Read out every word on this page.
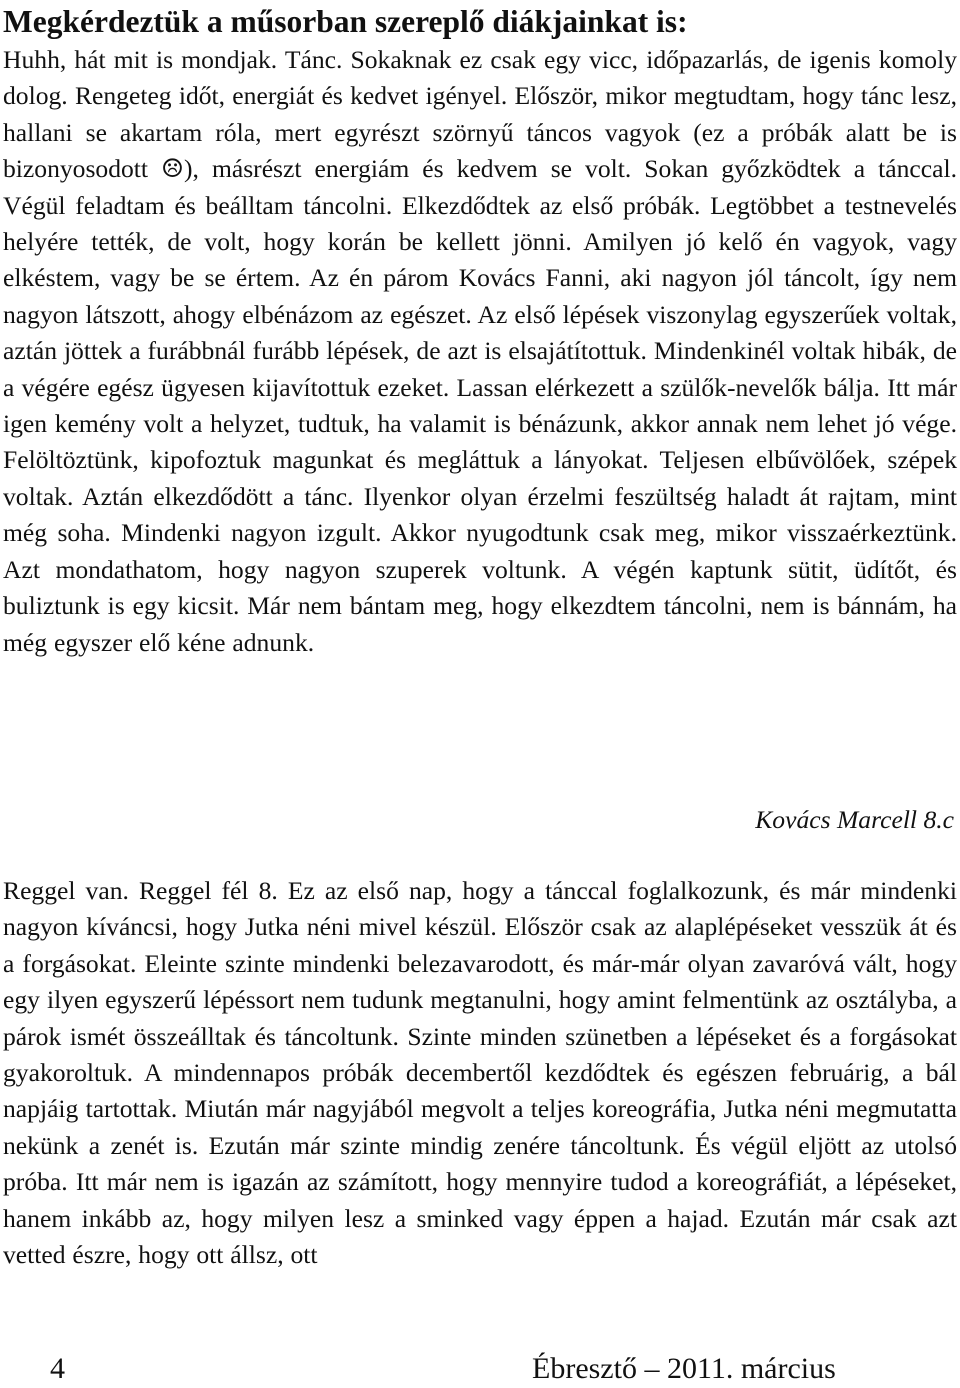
Megkérdeztük a műsorban szereplő diákjainkat is:

Huhh, hát mit is mondjak. Tánc. Sokaknak ez csak egy vicc, időpazarlás, de igenis komoly dolog. Rengeteg időt, energiát és kedvet igényel. Először, mikor megtudtam, hogy tánc lesz, hallani se akartam róla, mert egyrészt szörnyű táncos vagyok (ez a próbák alatt be is bizonyosodott ☹), másrészt energiám és kedvem se volt. Sokan győzködtek a tánccal. Végül feladtam és beálltam táncolni. Elkezdődtek az első próbák. Legtöbbet a testnevelés helyére tették, de volt, hogy korán be kellett jönni. Amilyen jó kelő én vagyok, vagy elkéstem, vagy be se értem. Az én párom Kovács Fanni, aki nagyon jól táncolt, így nem nagyon látszott, ahogy elbénázom az egészet. Az első lépések viszonylag egyszerűek voltak, aztán jöttek a furábbnál furább lépések, de azt is elsajátítottuk. Mindenkinél voltak hibák, de a végére egész ügyesen kijavítottuk ezeket. Lassan elérkezett a szülők-nevelők bálja. Itt már igen kemény volt a helyzet, tudtuk, ha valamit is bénázunk, akkor annak nem lehet jó vége. Felöltöztünk, kipofoztuk magunkat és megláttuk a lányokat. Teljesen elbűvölőek, szépek voltak. Aztán elkezdődött a tánc. Ilyenkor olyan érzelmi feszültség haladt át rajtam, mint még soha. Mindenki nagyon izgult. Akkor nyugodtunk csak meg, mikor visszaérkeztünk. Azt mondathatom, hogy nagyon szuperek voltunk. A végén kaptunk sütit, üdítőt, és buliztunk is egy kicsit. Már nem bántam meg, hogy elkezdtem táncolni, nem is bánnám, ha még egyszer elő kéne adnunk.

Kovács Marcell 8.c

Reggel van. Reggel fél 8. Ez az első nap, hogy a tánccal foglalkozunk, és már mindenki nagyon kíváncsi, hogy Jutka néni mivel készül. Először csak az alaplépéseket vesszük át és a forgásokat. Eleinte szinte mindenki belezavarodott, és már-már olyan zavaróvá vált, hogy egy ilyen egyszerű lépéssort nem tudunk megtanulni, hogy amint felmentünk az osztályba, a párok ismét összeálltak és táncoltunk. Szinte minden szünetben a lépéseket és a forgásokat gyakoroltuk. A mindennapos próbák decembertől kezdődtek és egészen februárig, a bál napjáig tartottak. Miután már nagyjából megvolt a teljes koreográfia, Jutka néni megmutatta nekünk a zenét is. Ezután már szinte mindig zenére táncoltunk. És végül eljött az utolsó próba. Itt már nem is igazán az számított, hogy mennyire tudod a koreográfiát, a lépéseket, hanem inkább az, hogy milyen lesz a sminked vagy éppen a hajad. Ezután már csak azt vetted észre, hogy ott állsz, ott

4	Ébresztő – 2011. március
